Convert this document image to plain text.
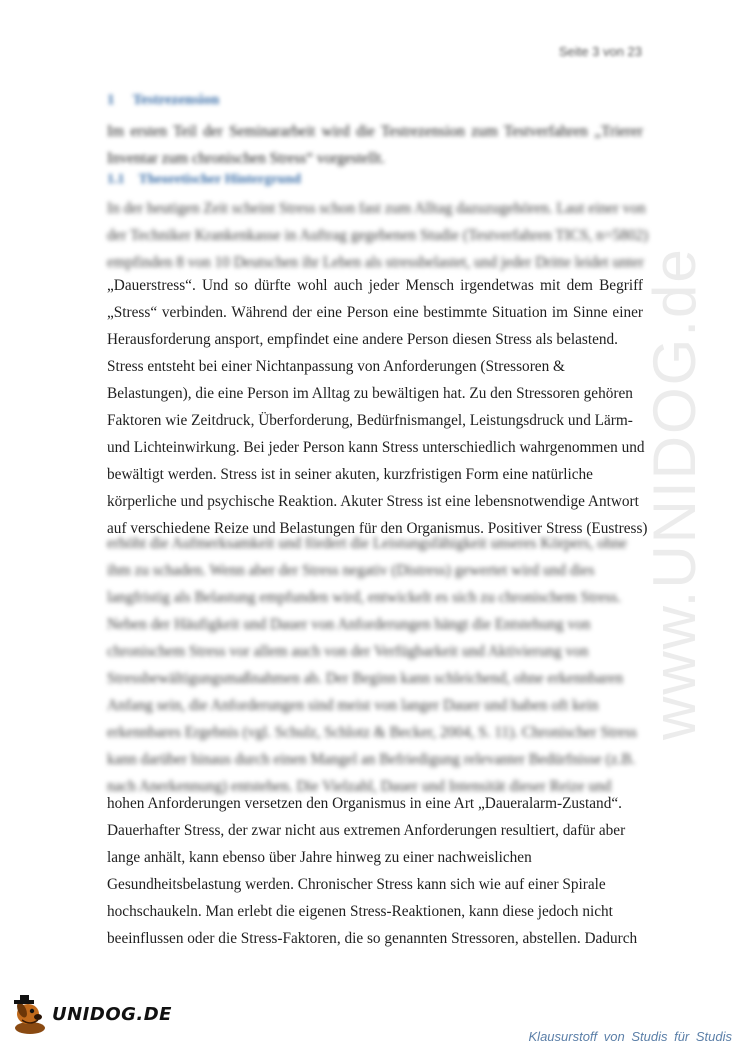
Seite 3 von 23
1 Testrezension
Im ersten Teil der Seminararbeit wird die Testrezension zum Testverfahren „Trierer
Inventar zum chronischen Stress“ vorgestellt.
1.1 Theoretischer Hintergrund
In der heutigen Zeit scheint Stress schon fast zum Alltag dazuzugehören. Laut einer von
der Techniker Krankenkasse in Auftrag gegebenen Studie (Testverfahren TICS, n=5802)
empfinden 8 von 10 Deutschen ihr Leben als stressbelastet, und jeder Dritte leidet unter
„Dauerstress“. Und so dürfte wohl auch jeder Mensch irgendetwas mit dem Begriff
„Stress“ verbinden. Während der eine Person eine bestimmte Situation im Sinne einer
Herausforderung ansport, empfindet eine andere Person diesen Stress als belastend.
Stress entsteht bei einer Nichtanpassung von Anforderungen (Stressoren &
Belastungen), die eine Person im Alltag zu bewältigen hat. Zu den Stressoren gehören
Faktoren wie Zeitdruck, Überforderung, Bedürfnismangel, Leistungsdruck und Lärm-
und Lichteinwirkung. Bei jeder Person kann Stress unterschiedlich wahrgenommen und
bewältigt werden. Stress ist in seiner akuten, kurzfristigen Form eine natürliche
körperliche und psychische Reaktion. Akuter Stress ist eine lebensnotwendige Antwort
auf verschiedene Reize und Belastungen für den Organismus. Positiver Stress (Eustress)
erhöht die Aufmerksamkeit und fördert die Leistungsfähigkeit unseres Körpers, ohne
ihm zu schaden. Wenn aber der Stress negativ (Distress) gewertet wird und dies
langfristig als Belastung empfunden wird, entwickelt es sich zu chronischem Stress.
Neben der Häufigkeit und Dauer von Anforderungen hängt die Entstehung von
chronischem Stress vor allem auch von der Verfügbarkeit und Aktivierung von
Stressbewältigungsmaßnahmen ab. Der Beginn kann schleichend, ohne erkennbaren
Anfang sein, die Anforderungen sind meist von langer Dauer und haben oft kein
erkennbares Ergebnis (vgl. Schulz, Schlotz & Becker, 2004, S. 11). Chronischer Stress
kann darüber hinaus durch einen Mangel an Befriedigung relevanter Bedürfnisse (z.B.
nach Anerkennung) entstehen. Die Vielzahl, Dauer und Intensität dieser Reize und
hohen Anforderungen versetzen den Organismus in eine Art „Daueralarm-Zustand“.
Dauerhafter Stress, der zwar nicht aus extremen Anforderungen resultiert, dafür aber
lange anhält, kann ebenso über Jahre hinweg zu einer nachweislichen
Gesundheitsbelastung werden. Chronischer Stress kann sich wie auf einer Spirale
hochschaukeln. Man erlebt die eigenen Stress-Reaktionen, kann diese jedoch nicht
beeinflussen oder die Stress-Faktoren, die so genannten Stressoren, abstellen. Dadurch
www.UNIDOG.de
UNIDOG.DE
Klausurstoff von Studis für Studis
